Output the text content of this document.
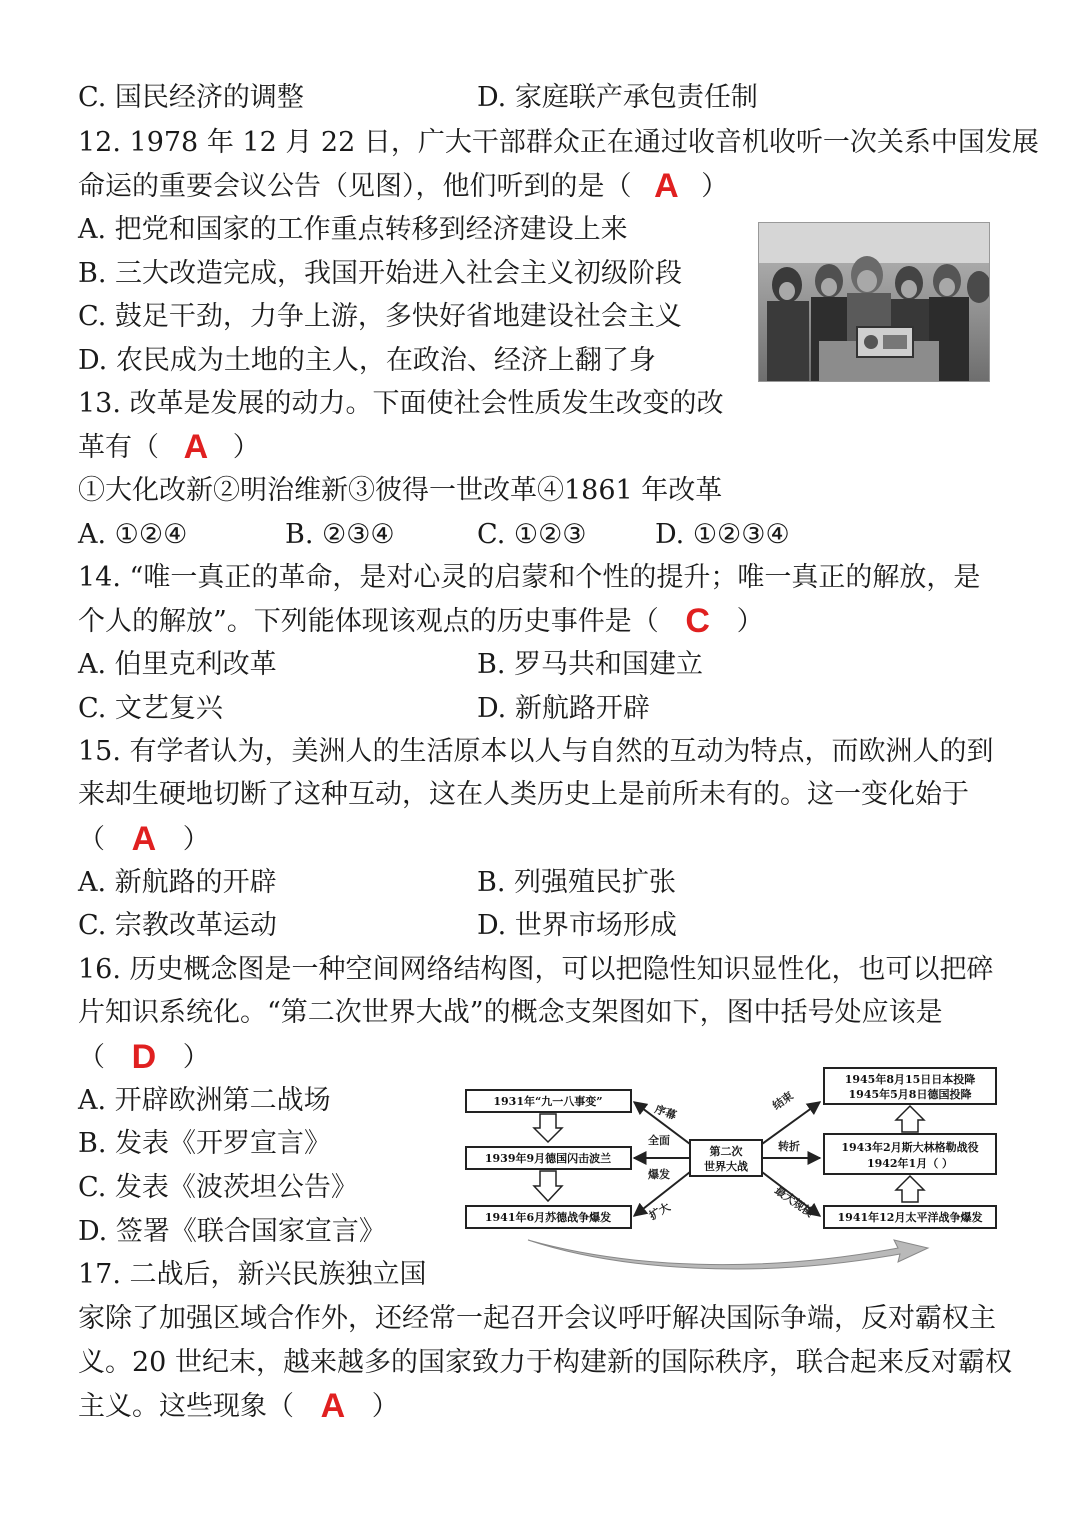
C. 国民经济的调整	D. 家庭联产承包责任制
12. 1978 年 12 月 22 日，广大干部群众正在通过收音机收听一次关系中国发展
命运的重要会议公告（见图），他们听到的是（ A ）
A. 把党和国家的工作重点转移到经济建设上来
B. 三大改造完成，我国开始进入社会主义初级阶段
C. 鼓足干劲，力争上游，多快好省地建设社会主义
D. 农民成为土地的主人，在政治、经济上翻了身
13. 改革是发展的动力。下面使社会性质发生改变的改
革有（ A ）
①大化改新②明治维新③彼得一世改革④1861 年改革
A. ①②④	B. ②③④	C. ①②③	D. ①②③④
14. “唯一真正的革命，是对心灵的启蒙和个性的提升；唯一真正的解放，是
个人的解放”。下列能体现该观点的历史事件是（ C ）
A. 伯里克利改革	B. 罗马共和国建立
C. 文艺复兴	D. 新航路开辟
15. 有学者认为，美洲人的生活原本以人与自然的互动为特点，而欧洲人的到
来却生硬地切断了这种互动，这在人类历史上是前所未有的。这一变化始于
（ A ）
A. 新航路的开辟	B. 列强殖民扩张
C. 宗教改革运动	D. 世界市场形成
16. 历史概念图是一种空间网络结构图，可以把隐性知识显性化，也可以把碎
片知识系统化。“第二次世界大战”的概念支架图如下，图中括号处应该是
（ D ）
A. 开辟欧洲第二战场
B. 发表《开罗宣言》
C. 发表《波茨坦公告》
D. 签署《联合国家宣言》
1931年“九一八事变”
1939年9月德国闪击波兰
1941年6月苏德战争爆发
第二次
世界大战
序幕
全面
爆发
扩大
结束
转折
最大规模
1945年8月15日日本投降
1945年5月8日德国投降
1943年2月斯大林格勒战役
1942年1月（ ）
1941年12月太平洋战争爆发
17. 二战后，新兴民族独立国
家除了加强区域合作外，还经常一起召开会议呼吁解决国际争端，反对霸权主
义。20 世纪末，越来越多的国家致力于构建新的国际秩序，联合起来反对霸权
主义。这些现象（ A ）
